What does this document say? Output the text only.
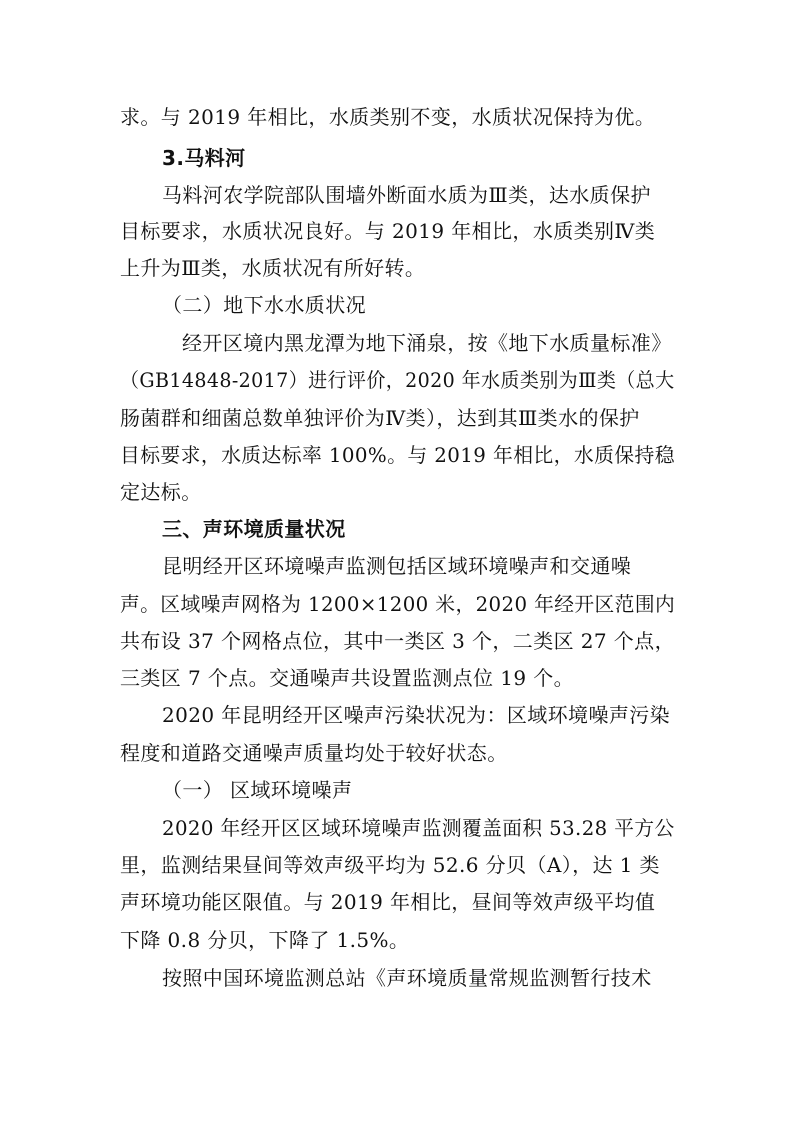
求。与 2019 年相比，水质类别不变，水质状况保持为优。
3.马料河
马料河农学院部队围墙外断面水质为Ⅲ类，达水质保护
目标要求，水质状况良好。与 2019 年相比，水质类别Ⅳ类
上升为Ⅲ类，水质状况有所好转。
（二）地下水水质状况
经开区境内黑龙潭为地下涌泉，按《地下水质量标准》
（GB14848-2017）进行评价，2020 年水质类别为Ⅲ类（总大
肠菌群和细菌总数单独评价为Ⅳ类），达到其Ⅲ类水的保护
目标要求，水质达标率 100%。与 2019 年相比，水质保持稳
定达标。
三、声环境质量状况
昆明经开区环境噪声监测包括区域环境噪声和交通噪
声。区域噪声网格为 1200×1200 米，2020 年经开区范围内
共布设 37 个网格点位，其中一类区 3 个，二类区 27 个点，
三类区 7 个点。交通噪声共设置监测点位 19 个。
2020 年昆明经开区噪声污染状况为：区域环境噪声污染
程度和道路交通噪声质量均处于较好状态。
（一） 区域环境噪声
2020 年经开区区域环境噪声监测覆盖面积 53.28 平方公
里，监测结果昼间等效声级平均为 52.6 分贝（A），达 1 类
声环境功能区限值。与 2019 年相比，昼间等效声级平均值
下降 0.8 分贝，下降了 1.5%。
按照中国环境监测总站《声环境质量常规监测暂行技术
